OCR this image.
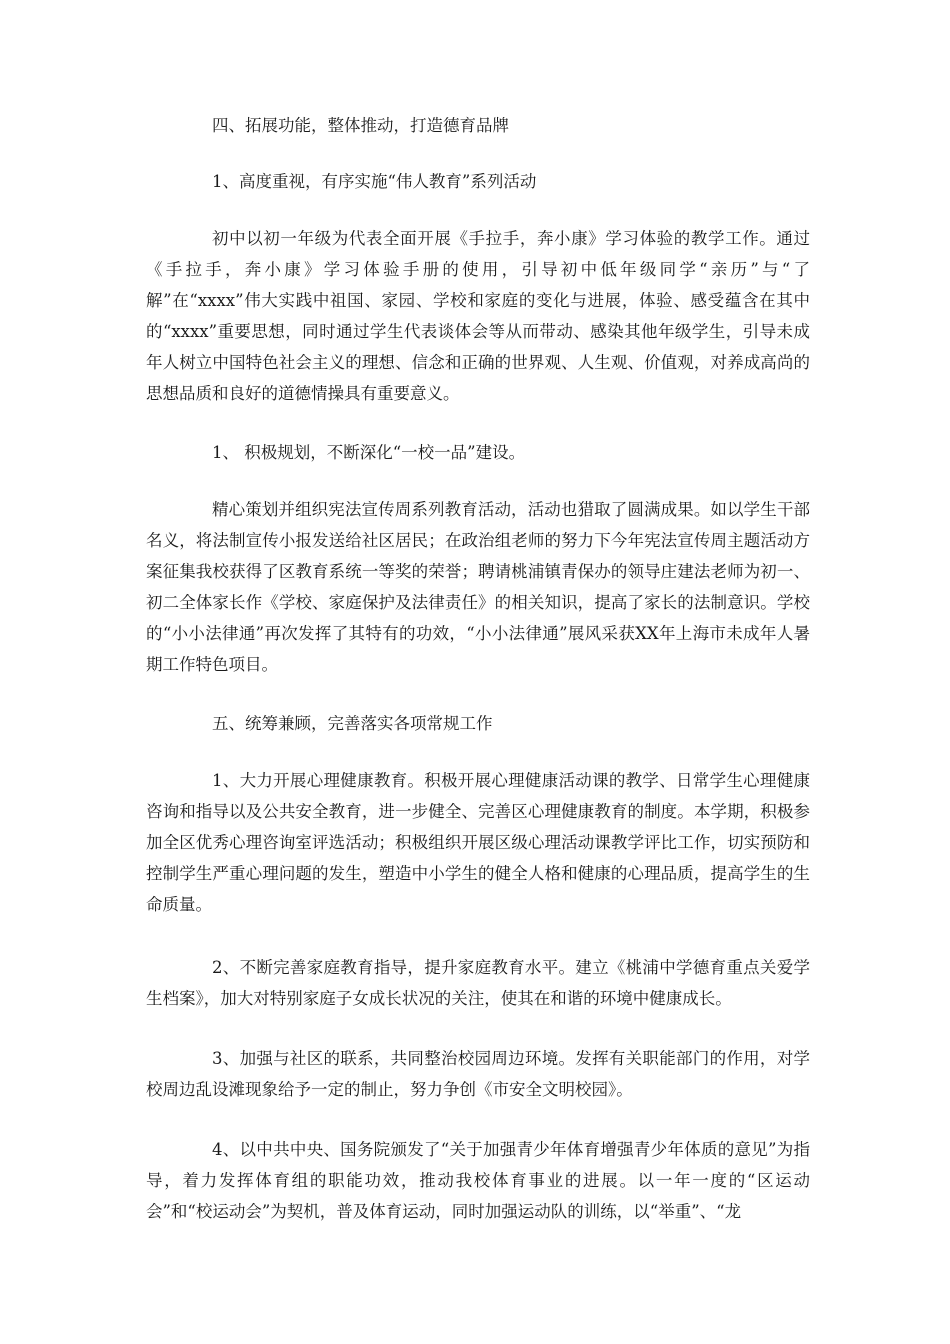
四、拓展功能，整体推动，打造德育品牌

1、高度重视，有序实施“伟人教育”系列活动

初中以初一年级为代表全面开展《手拉手，奔小康》学习体验的教学工作。通过《手拉手，奔小康》学习体验手册的使用，引导初中低年级同学“亲历”与“了解”在“xxxx”伟大实践中祖国、家园、学校和家庭的变化与进展，体验、感受蕴含在其中的“xxxx”重要思想，同时通过学生代表谈体会等从而带动、感染其他年级学生，引导未成年人树立中国特色社会主义的理想、信念和正确的世界观、人生观、价值观，对养成高尚的思想品质和良好的道德情操具有重要意义。

1、 积极规划，不断深化“一校一品”建设。

精心策划并组织宪法宣传周系列教育活动，活动也猎取了圆满成果。如以学生干部名义，将法制宣传小报发送给社区居民；在政治组老师的努力下今年宪法宣传周主题活动方案征集我校获得了区教育系统一等奖的荣誉；聘请桃浦镇青保办的领导庄建法老师为初一、初二全体家长作《学校、家庭保护及法律责任》的相关知识，提高了家长的法制意识。学校的“小小法律通”再次发挥了其特有的功效，“小小法律通”展风采获XX年上海市未成年人暑期工作特色项目。

五、统筹兼顾，完善落实各项常规工作

1、大力开展心理健康教育。积极开展心理健康活动课的教学、日常学生心理健康咨询和指导以及公共安全教育，进一步健全、完善区心理健康教育的制度。本学期，积极参加全区优秀心理咨询室评选活动；积极组织开展区级心理活动课教学评比工作，切实预防和控制学生严重心理问题的发生，塑造中小学生的健全人格和健康的心理品质，提高学生的生命质量。

2、不断完善家庭教育指导，提升家庭教育水平。建立《桃浦中学德育重点关爱学生档案》，加大对特别家庭子女成长状况的关注，使其在和谐的环境中健康成长。

3、加强与社区的联系，共同整治校园周边环境。发挥有关职能部门的作用，对学校周边乱设滩现象给予一定的制止，努力争创《市安全文明校园》。

4、以中共中央、国务院颁发了“关于加强青少年体育增强青少年体质的意见”为指导，着力发挥体育组的职能功效，推动我校体育事业的进展。以一年一度的“区运动会”和“校运动会”为契机，普及体育运动，同时加强运动队的训练，以“举重”、“龙
